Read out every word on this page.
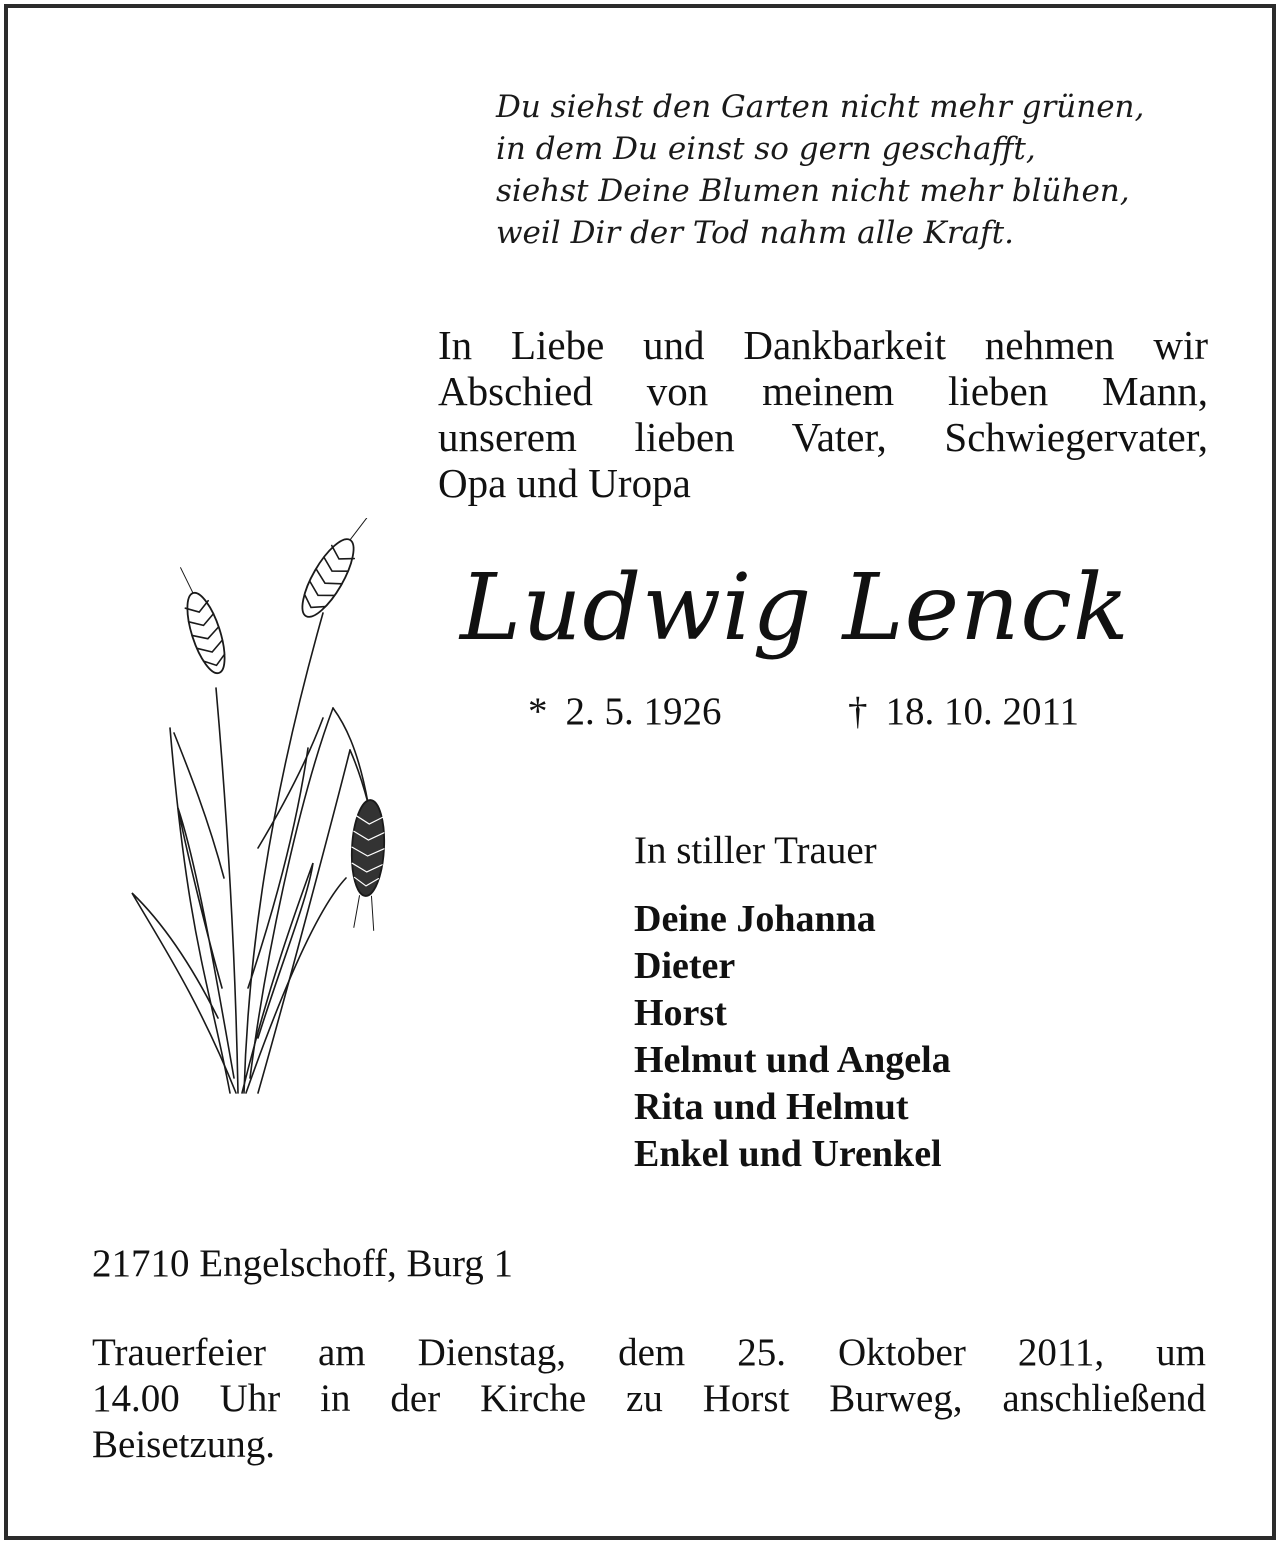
Du siehst den Garten nicht mehr grünen,
in dem Du einst so gern geschafft,
siehst Deine Blumen nicht mehr blühen,
weil Dir der Tod nahm alle Kraft.
In Liebe und Dankbarkeit nehmen wir
Abschied von meinem lieben Mann,
unserem lieben Vater, Schwiegervater,
Opa und Uropa
Ludwig Lenck
* 2. 5. 1926	† 18. 10. 2011
In stiller Trauer
Deine Johanna
Dieter
Horst
Helmut und Angela
Rita und Helmut
Enkel und Urenkel
21710 Engelschoff, Burg 1
Trauerfeier am Dienstag, dem 25. Oktober 2011, um
14.00 Uhr in der Kirche zu Horst Burweg, anschließend
Beisetzung.
